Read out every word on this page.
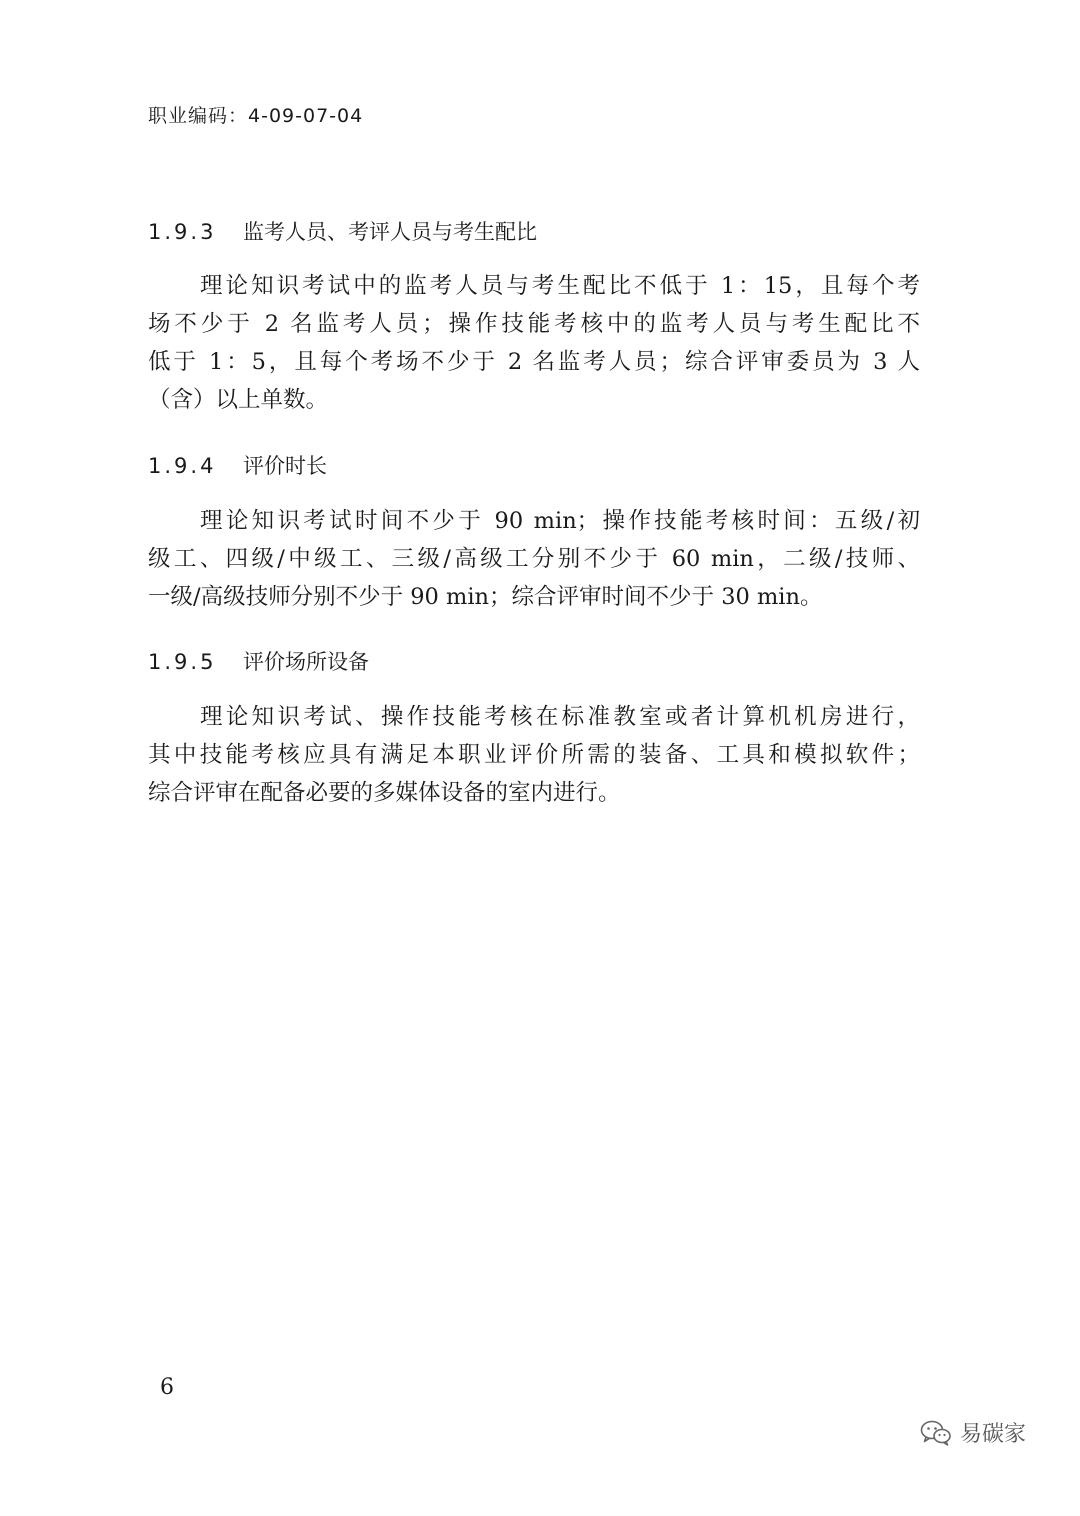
职业编码：4-09-07-04
1.9.3 监考人员、考评人员与考生配比
理论知识考试中的监考人员与考生配比不低于 1：15，且每个考
场不少于 2 名监考人员；操作技能考核中的监考人员与考生配比不
低于 1：5，且每个考场不少于 2 名监考人员；综合评审委员为 3 人
（含）以上单数。
1.9.4 评价时长
理论知识考试时间不少于 90 min；操作技能考核时间：五级/初
级工、四级/中级工、三级/高级工分别不少于 60 min，二级/技师、
一级/高级技师分别不少于 90 min；综合评审时间不少于 30 min。
1.9.5 评价场所设备
理论知识考试、操作技能考核在标准教室或者计算机机房进行，
其中技能考核应具有满足本职业评价所需的装备、工具和模拟软件；
综合评审在配备必要的多媒体设备的室内进行。
6
易碳家
